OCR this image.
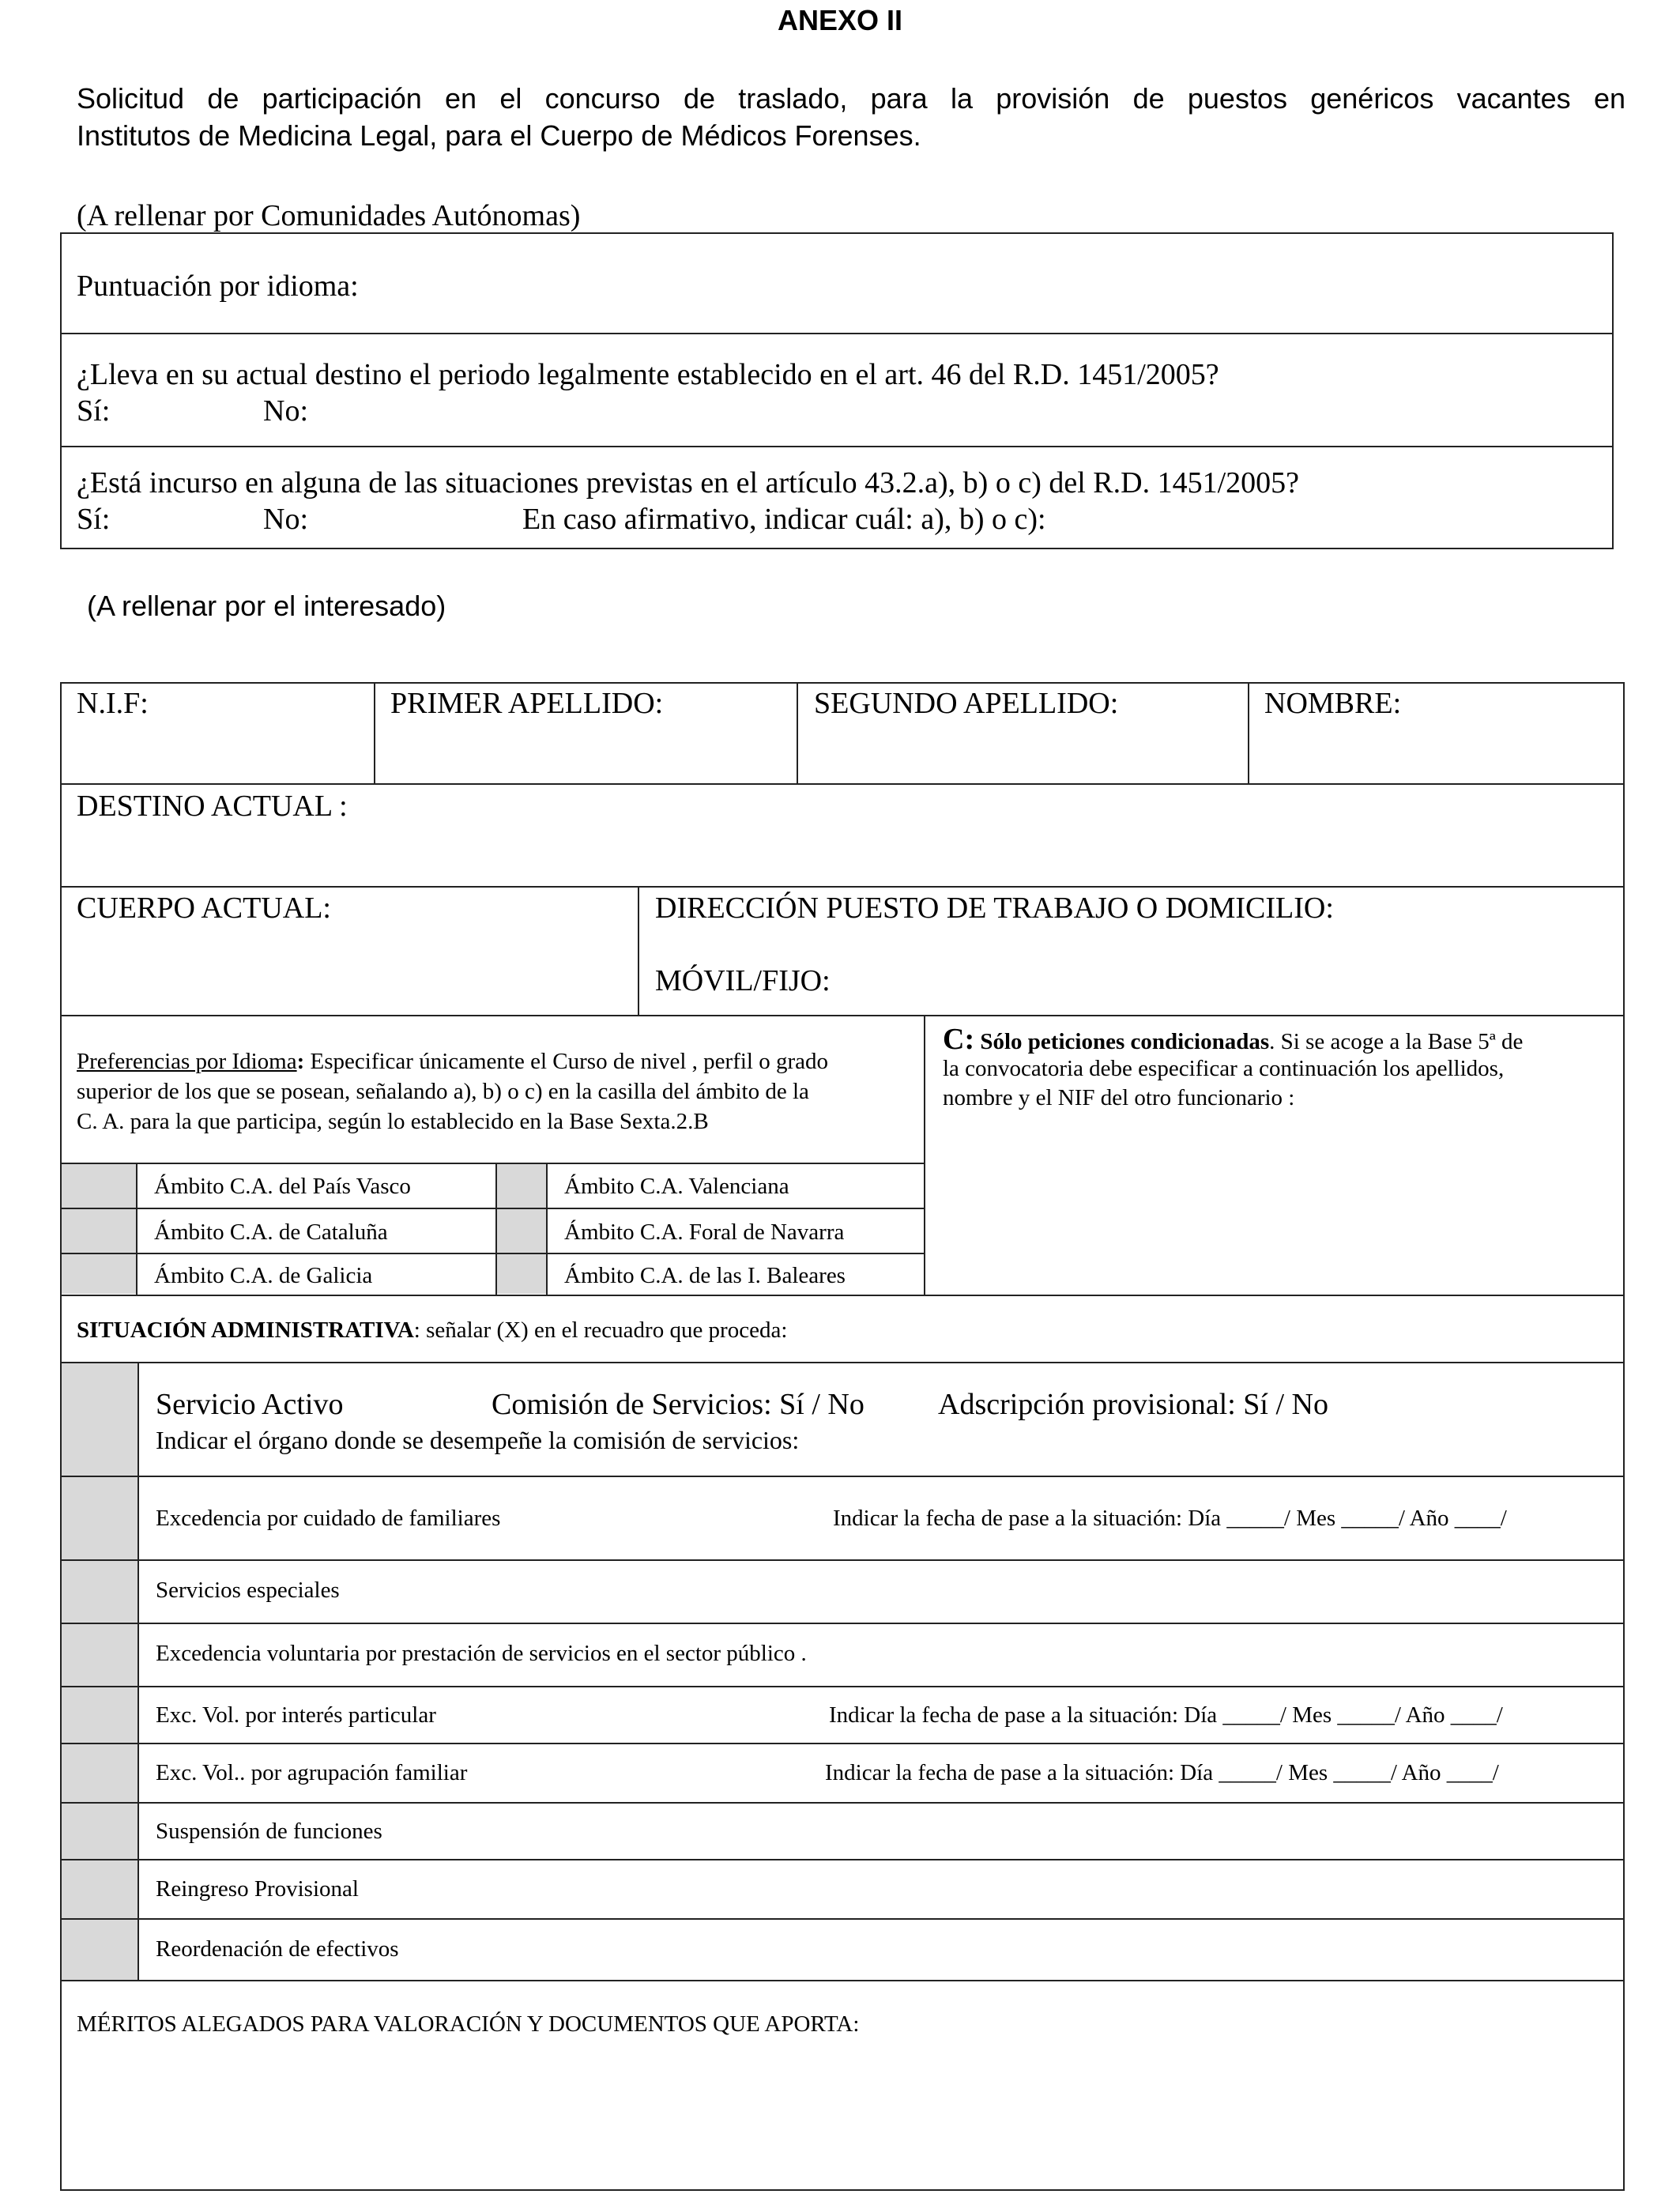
ANEXO II
Solicitud de participación en el concurso de traslado, para la provisión de puestos genéricos vacantes en
Institutos de Medicina Legal, para el Cuerpo de Médicos Forenses.
(A rellenar por Comunidades Autónomas)
Puntuación por idioma:
¿Lleva en su actual destino el periodo legalmente establecido en el art. 46 del R.D. 1451/2005?
Sí:	No:
¿Está incurso en alguna de las situaciones previstas en el artículo 43.2.a), b) o c) del R.D. 1451/2005?
Sí:	No:	En caso afirmativo, indicar cuál: a), b) o c):
(A rellenar por el interesado)
N.I.F:	PRIMER APELLIDO:	SEGUNDO APELLIDO:	NOMBRE:
DESTINO ACTUAL :
CUERPO ACTUAL:	DIRECCIÓN PUESTO DE TRABAJO O DOMICILIO:
MÓVIL/FIJO:
Preferencias por Idioma: Especificar únicamente el Curso de nivel , perfil o grado
superior de los que se posean, señalando a), b) o c) en la casilla del ámbito de la
C. A. para la que participa, según lo establecido en la Base Sexta.2.B
Ámbito C.A. del País Vasco	Ámbito C.A. Valenciana
Ámbito C.A. de Cataluña	Ámbito C.A. Foral de Navarra
Ámbito C.A. de Galicia	Ámbito C.A. de las I. Baleares
C: Sólo peticiones condicionadas. Si se acoge a la Base 5ª de
la convocatoria debe especificar a continuación los apellidos,
nombre y el NIF del otro funcionario :
SITUACIÓN ADMINISTRATIVA: señalar (X) en el recuadro que proceda:
Servicio Activo	Comisión de Servicios: Sí / No Adscripción provisional: Sí / No
Indicar el órgano donde se desempeñe la comisión de servicios:
Excedencia por cuidado de familiares	Indicar la fecha de pase a la situación: Día _____/ Mes _____/ Año ____/
Servicios especiales
Excedencia voluntaria por prestación de servicios en el sector público .
Exc. Vol. por interés particular	Indicar la fecha de pase a la situación: Día _____/ Mes _____/ Año ____/
Exc. Vol.. por agrupación familiar	Indicar la fecha de pase a la situación: Día _____/ Mes _____/ Año ____/
Suspensión de funciones
Reingreso Provisional
Reordenación de efectivos
MÉRITOS ALEGADOS PARA VALORACIÓN Y DOCUMENTOS QUE APORTA:
